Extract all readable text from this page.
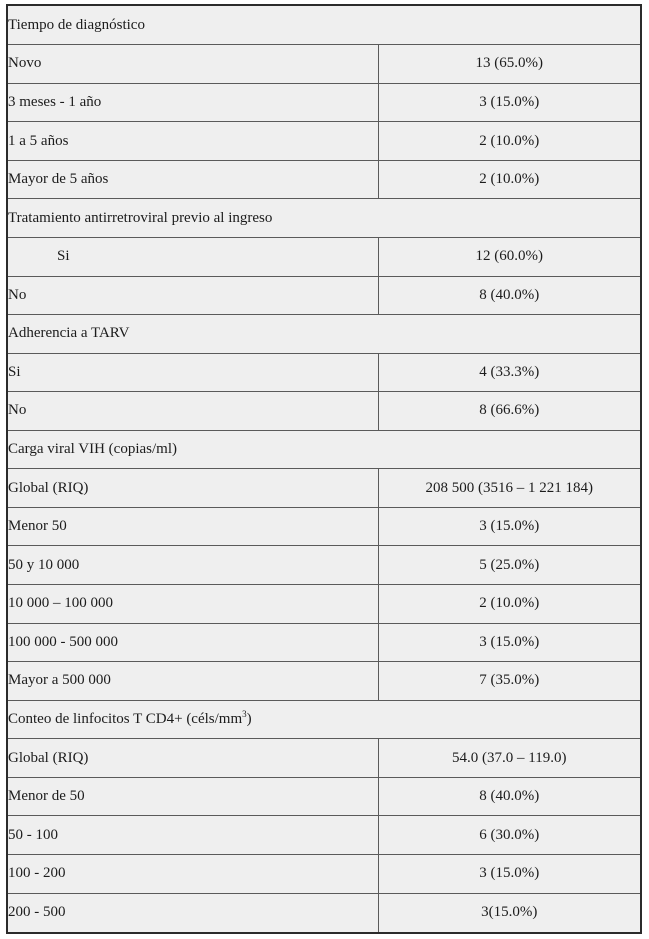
Tiempo de diagnóstico	
Novo	13 (65.0%)
3 meses - 1 año	3 (15.0%)
1 a 5 años	2 (10.0%)
Mayor de 5 años	2 (10.0%)
Tratamiento antirretroviral previo al ingreso	
Si	12 (60.0%)
No	8 (40.0%)
Adherencia a TARV	
Si	4 (33.3%)
No	8 (66.6%)
Carga viral VIH (copias/ml)	
Global (RIQ)	208 500 (3516 – 1 221 184)
Menor 50	3 (15.0%)
50 y 10 000	5 (25.0%)
10 000 – 100 000	2 (10.0%)
100 000 - 500 000	3 (15.0%)
Mayor a 500 000	7 (35.0%)
Conteo de linfocitos T $CD4+ (céls/mm^3)$	
Global (RIQ)	54.0 (37.0 – 119.0)
Menor de 50	8 (40.0%)
50 - 100	6 (30.0%)
100 - 200	3 (15.0%)
200 - 500	3(15.0%)
